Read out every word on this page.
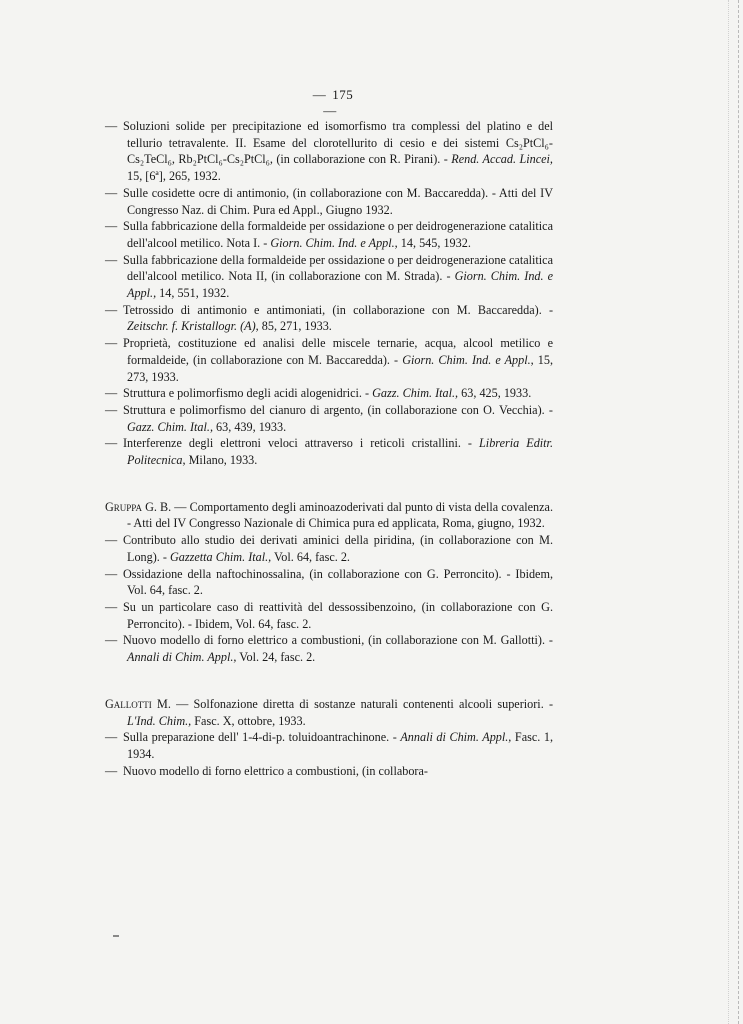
— 175—

— Soluzioni solide per precipitazione ed isomorfismo tra complessi del platino e del tellurio tetravalente. II. Esame del clorotellurito di cesio e dei sistemi Cs₂PtCl₆-Cs₂TeCl₆, Rb₂PtCl₆-Cs₂PtCl₆, (in collaborazione con R. Pirani). - Rend. Accad. Lincei, 15, [6ª], 265, 1932.

— Sulle cosidette ocre di antimonio, (in collaborazione con M. Baccaredda). - Atti del IV Congresso Naz. di Chim. Pura ed Appl., Giugno 1932.

— Sulla fabbricazione della formaldeide per ossidazione o per deidrogenerazione catalitica dell'alcool metilico. Nota I. - Giorn. Chim. Ind. e Appl., 14, 545, 1932.

— Sulla fabbricazione della formaldeide per ossidazione o per deidrogenerazione catalitica dell'alcool metilico. Nota II, (in collaborazione con M. Strada). - Giorn. Chim. Ind. e Appl., 14, 551, 1932.

— Tetrossido di antimonio e antimoniati, (in collaborazione con M. Baccaredda). - Zeitschr. f. Kristallogr. (A), 85, 271, 1933.

— Proprietà, costituzione ed analisi delle miscele ternarie, acqua, alcool metilico e formaldeide, (in collaborazione con M. Baccaredda). - Giorn. Chim. Ind. e Appl., 15, 273, 1933.

— Struttura e polimorfismo degli acidi alogenidrici. - Gazz. Chim. Ital., 63, 425, 1933.

— Struttura e polimorfismo del cianuro di argento, (in collaborazione con O. Vecchia). - Gazz. Chim. Ital., 63, 439, 1933.

— Interferenze degli elettroni veloci attraverso i reticoli cristallini. - Libreria Editr. Politecnica, Milano, 1933.

Gruppa G. B. — Comportamento degli aminoazoderivati dal punto di vista della covalenza. - Atti del IV Congresso Nazionale di Chimica pura ed applicata, Roma, giugno, 1932.

— Contributo allo studio dei derivati aminici della piridina, (in collaborazione con M. Long). - Gazzetta Chim. Ital., Vol. 64, fasc. 2.

— Ossidazione della naftochinossalina, (in collaborazione con G. Perroncito). - Ibidem, Vol. 64, fasc. 2.

— Su un particolare caso di reattività del dessossibenzoino, (in collaborazione con G. Perroncito). - Ibidem, Vol. 64, fasc. 2.

— Nuovo modello di forno elettrico a combustioni, (in collaborazione con M. Gallotti). - Annali di Chim. Appl., Vol. 24, fasc. 2.

Gallotti M. — Solfonazione diretta di sostanze naturali contenenti alcooli superiori. - L'Ind. Chim., Fasc. X, ottobre, 1933.

— Sulla preparazione dell' 1-4-di-p. toluidoantrachinone. - Annali di Chim. Appl., Fasc. 1, 1934.

— Nuovo modello di forno elettrico a combustioni, (in collabora-
